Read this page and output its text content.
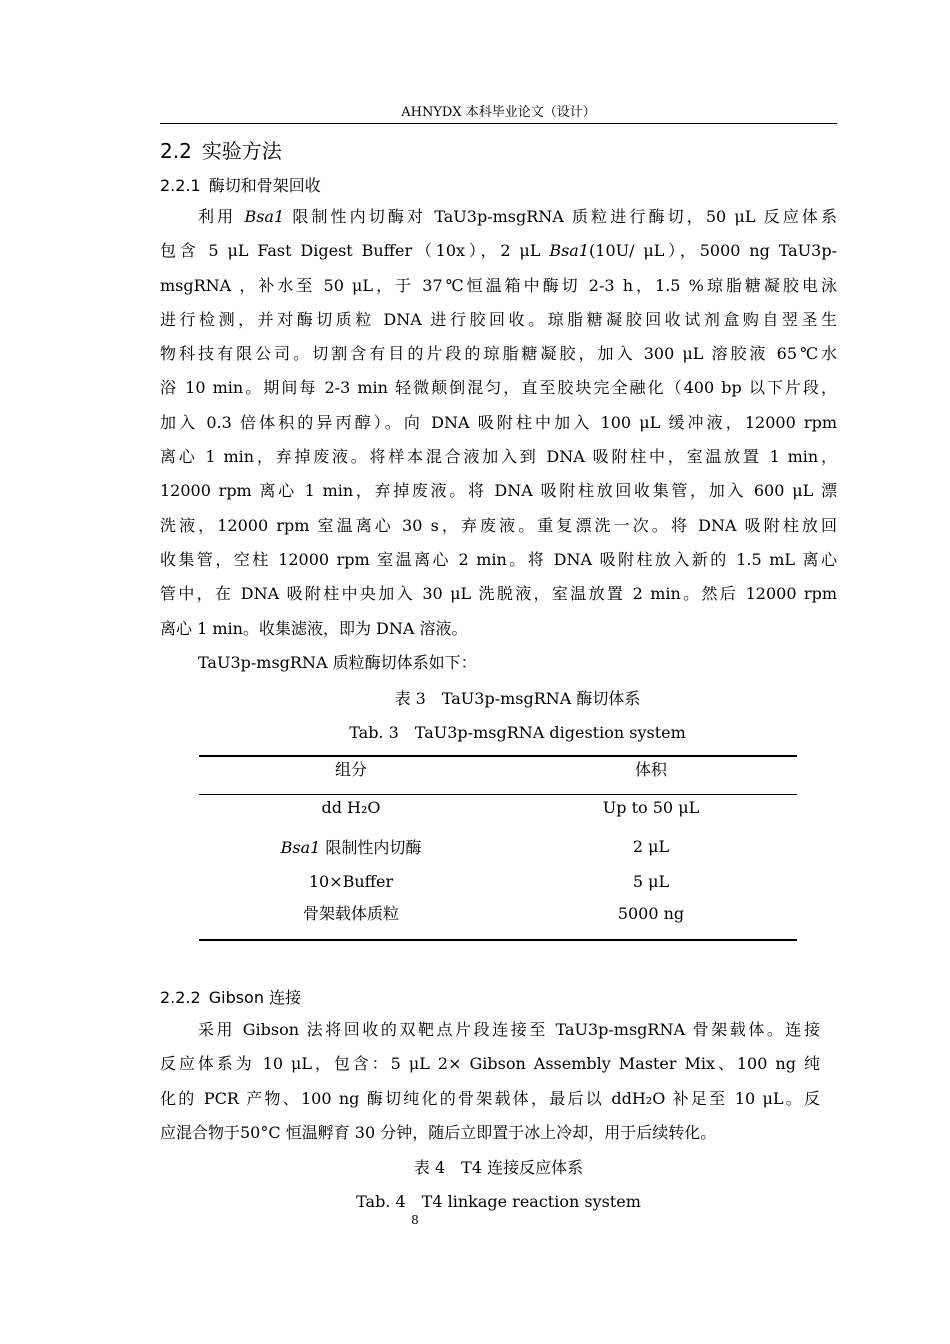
AHNYDX 本科毕业论文（设计）
2.2 实验方法
2.2.1 酶切和骨架回收
利用 Bsa1 限制性内切酶对 TaU3p-msgRNA 质粒进行酶切，50 μL 反应体系
包含 5 μL Fast Digest Buffer（10x），2 μL Bsa1(10U/ μL），5000 ng TaU3p-
msgRNA ，补水至 50 μL，于 37℃恒温箱中酶切 2-3 h，1.5 %琼脂糖凝胶电泳
进行检测，并对酶切质粒 DNA 进行胶回收。琼脂糖凝胶回收试剂盒购自翌圣生
物科技有限公司。切割含有目的片段的琼脂糖凝胶，加入 300 μL 溶胶液 65℃水
浴 10 min。期间每 2-3 min 轻微颠倒混匀，直至胶块完全融化（400 bp 以下片段，
加入 0.3 倍体积的异丙醇）。向 DNA 吸附柱中加入 100 μL 缓冲液，12000 rpm
离心 1 min，弃掉废液。将样本混合液加入到 DNA 吸附柱中，室温放置 1 min，
12000 rpm 离心 1 min，弃掉废液。将 DNA 吸附柱放回收集管，加入 600 μL 漂
洗液，12000 rpm 室温离心 30 s，弃废液。重复漂洗一次。将 DNA 吸附柱放回
收集管，空柱 12000 rpm 室温离心 2 min。将 DNA 吸附柱放入新的 1.5 mL 离心
管中，在 DNA 吸附柱中央加入 30 μL 洗脱液，室温放置 2 min。然后 12000 rpm
离心 1 min。收集滤液，即为 DNA 溶液。
TaU3p-msgRNA 质粒酶切体系如下：
表 3　TaU3p-msgRNA 酶切体系
Tab. 3　TaU3p-msgRNA digestion system
组分	体积
dd H₂O	Up to 50 μL
Bsa1 限制性内切酶	2 μL
10×Buffer	5 μL
骨架载体质粒	5000 ng
2.2.2 Gibson 连接
采用 Gibson 法将回收的双靶点片段连接至 TaU3p-msgRNA 骨架载体。连接
反应体系为 10 μL，包含：5 μL 2× Gibson Assembly Master Mix、100 ng 纯
化的 PCR 产物、100 ng 酶切纯化的骨架载体，最后以 ddH₂O 补足至 10 μL。反
应混合物于50°C 恒温孵育 30 分钟，随后立即置于冰上冷却，用于后续转化。
表 4　T4 连接反应体系
Tab. 4　T4 linkage reaction system
8
